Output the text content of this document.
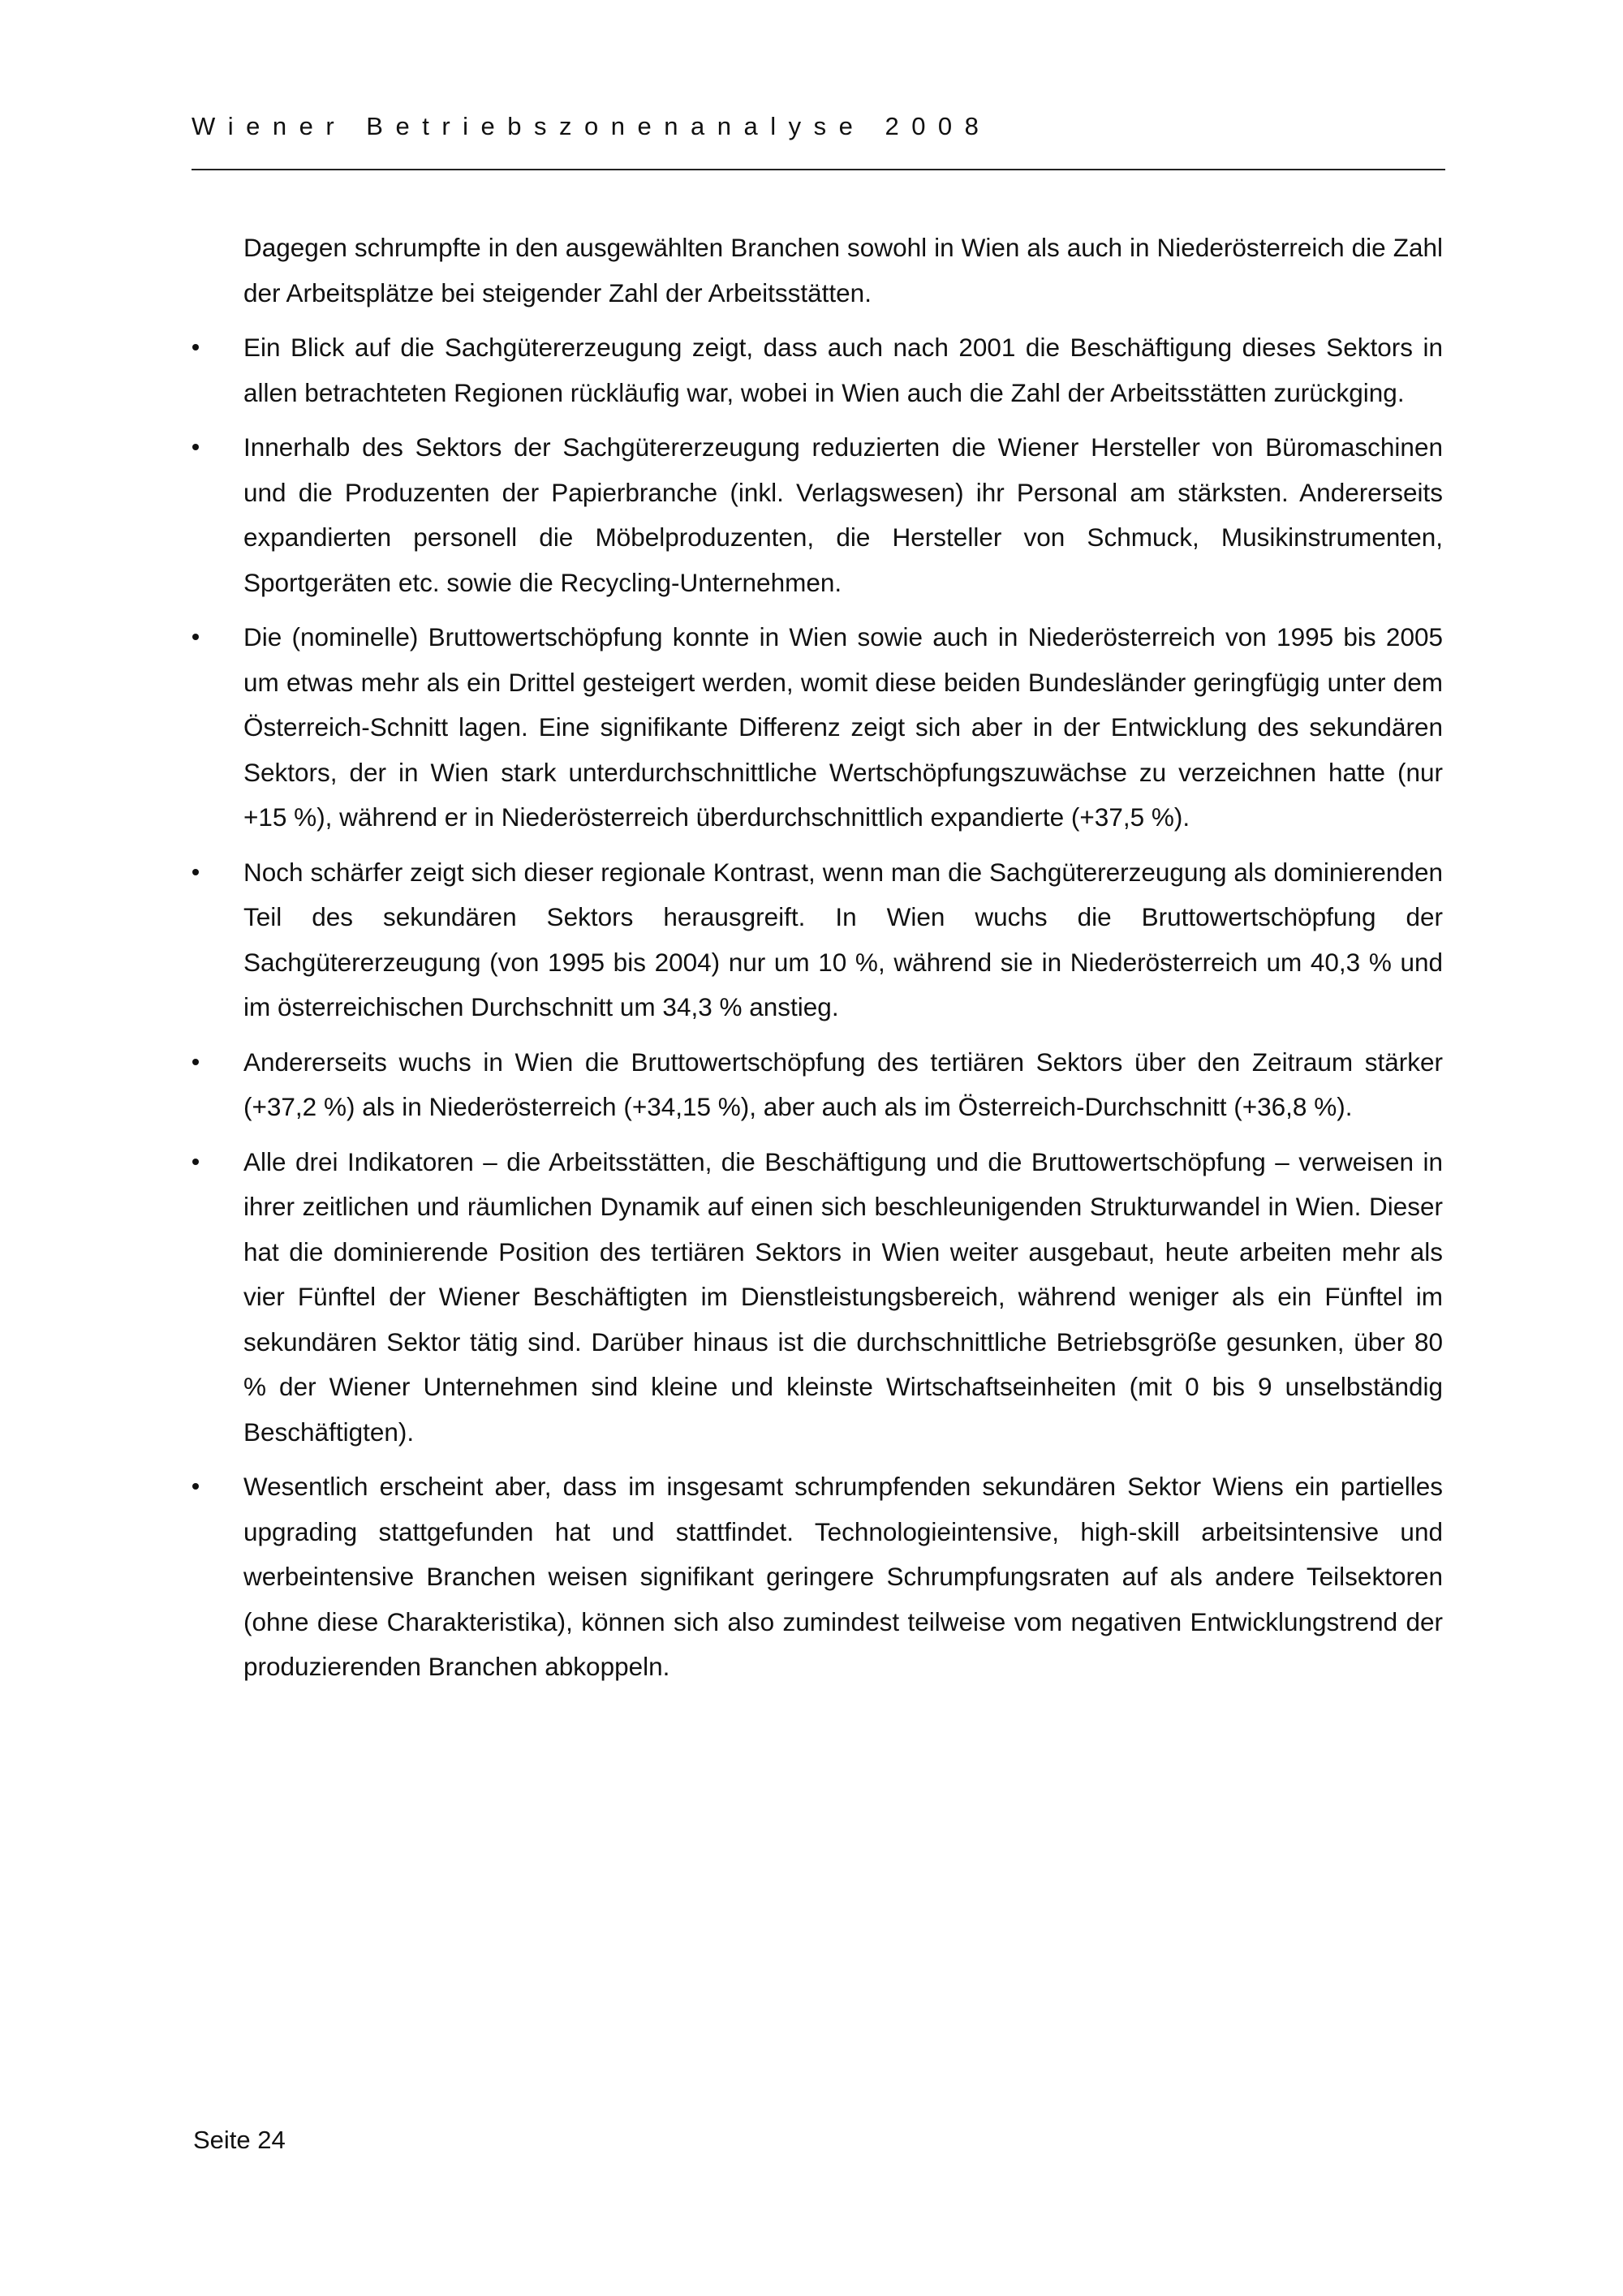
Wiener Betriebszonenanalyse 2008

Dagegen schrumpfte in den ausgewählten Branchen sowohl in Wien als auch in Niederösterreich die Zahl der Arbeitsplätze bei steigender Zahl der Arbeitsstätten.

Ein Blick auf die Sachgütererzeugung zeigt, dass auch nach 2001 die Beschäftigung dieses Sektors in allen betrachteten Regionen rückläufig war, wobei in Wien auch die Zahl der Arbeitsstätten zurückging.
Innerhalb des Sektors der Sachgütererzeugung reduzierten die Wiener Hersteller von Büromaschinen und die Produzenten der Papierbranche (inkl. Verlagswesen) ihr Personal am stärksten. Andererseits expandierten personell die Möbelproduzenten, die Hersteller von Schmuck, Musikinstrumenten, Sportgeräten etc. sowie die Recycling-Unternehmen.
Die (nominelle) Bruttowertschöpfung konnte in Wien sowie auch in Niederösterreich von 1995 bis 2005 um etwas mehr als ein Drittel gesteigert werden, womit diese beiden Bundesländer geringfügig unter dem Österreich-Schnitt lagen. Eine signifikante Differenz zeigt sich aber in der Entwicklung des sekundären Sektors, der in Wien stark unterdurchschnittliche Wertschöpfungszuwächse zu verzeichnen hatte (nur +15 %), während er in Niederösterreich überdurchschnittlich expandierte (+37,5 %).
Noch schärfer zeigt sich dieser regionale Kontrast, wenn man die Sachgütererzeugung als dominierenden Teil des sekundären Sektors herausgreift. In Wien wuchs die Bruttowertschöpfung der Sachgütererzeugung (von 1995 bis 2004) nur um 10 %, während sie in Niederösterreich um 40,3 % und im österreichischen Durchschnitt um 34,3 % anstieg.
Andererseits wuchs in Wien die Bruttowertschöpfung des tertiären Sektors über den Zeitraum stärker (+37,2 %) als in Niederösterreich (+34,15 %), aber auch als im Österreich-Durchschnitt (+36,8 %).
Alle drei Indikatoren – die Arbeitsstätten, die Beschäftigung und die Bruttowertschöpfung – verweisen in ihrer zeitlichen und räumlichen Dynamik auf einen sich beschleunigenden Strukturwandel in Wien. Dieser hat die dominierende Position des tertiären Sektors in Wien weiter ausgebaut, heute arbeiten mehr als vier Fünftel der Wiener Beschäftigten im Dienstleistungsbereich, während weniger als ein Fünftel im sekundären Sektor tätig sind. Darüber hinaus ist die durchschnittliche Betriebsgröße gesunken, über 80 % der Wiener Unternehmen sind kleine und kleinste Wirtschaftseinheiten (mit 0 bis 9 unselbständig Beschäftigten).
Wesentlich erscheint aber, dass im insgesamt schrumpfenden sekundären Sektor Wiens ein partielles upgrading stattgefunden hat und stattfindet. Technologieintensive, high-skill arbeitsintensive und werbeintensive Branchen weisen signifikant geringere Schrumpfungsraten auf als andere Teilsektoren (ohne diese Charakteristika), können sich also zumindest teilweise vom negativen Entwicklungstrend der produzierenden Branchen abkoppeln.
Seite 24
